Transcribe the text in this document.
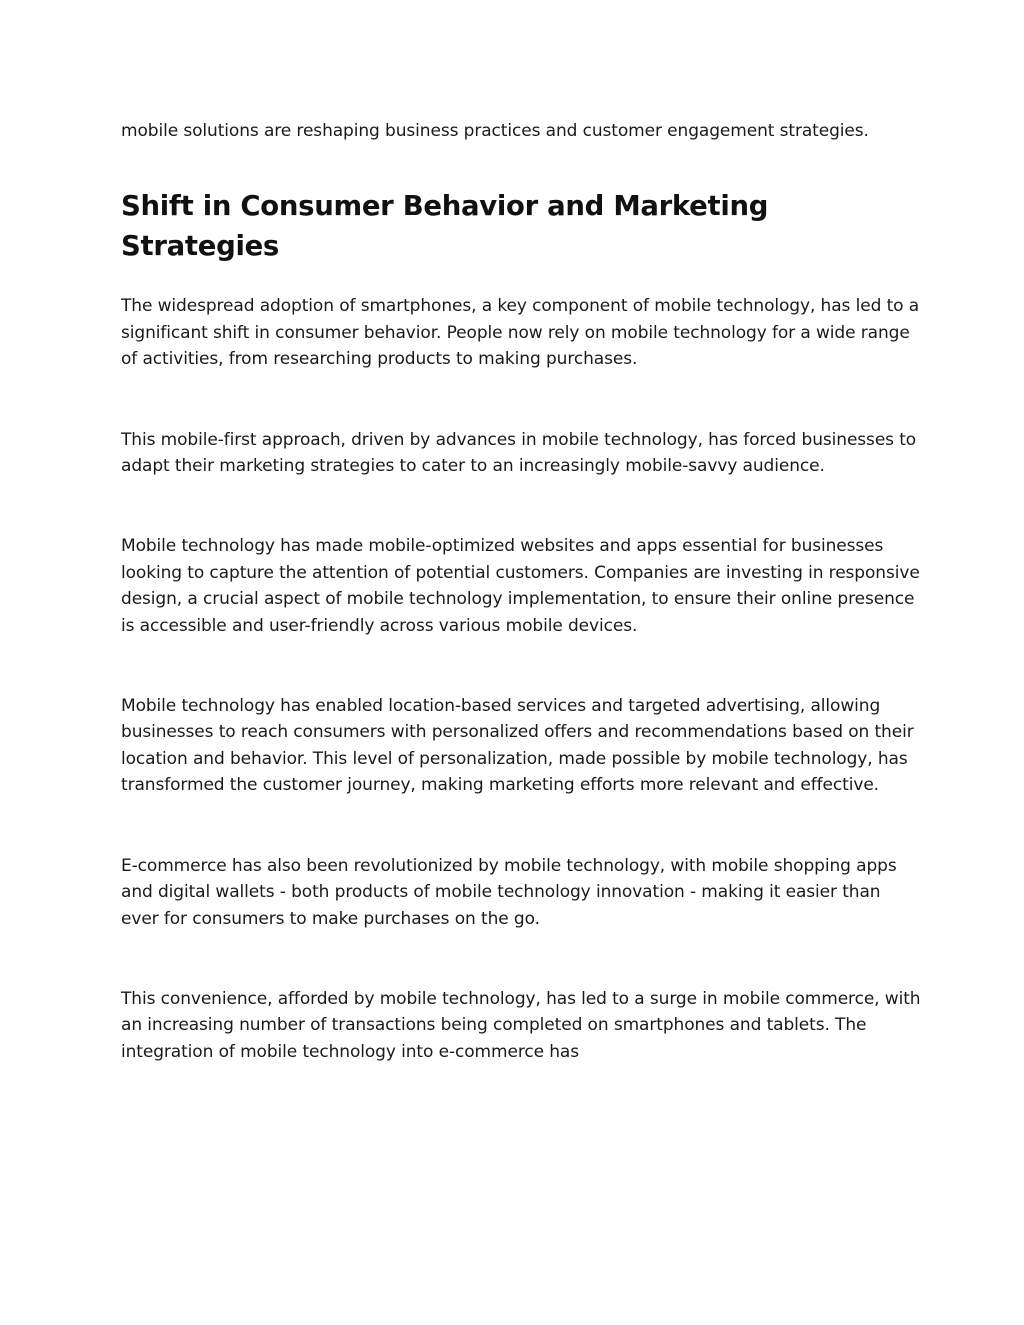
mobile solutions are reshaping business practices and customer engagement strategies.

Shift in Consumer Behavior and Marketing Strategies

The widespread adoption of smartphones, a key component of mobile technology, has led to a significant shift in consumer behavior. People now rely on mobile technology for a wide range of activities, from researching products to making purchases.

This mobile-first approach, driven by advances in mobile technology, has forced businesses to adapt their marketing strategies to cater to an increasingly mobile-savvy audience.

Mobile technology has made mobile-optimized websites and apps essential for businesses looking to capture the attention of potential customers. Companies are investing in responsive design, a crucial aspect of mobile technology implementation, to ensure their online presence is accessible and user-friendly across various mobile devices.

Mobile technology has enabled location-based services and targeted advertising, allowing businesses to reach consumers with personalized offers and recommendations based on their location and behavior. This level of personalization, made possible by mobile technology, has transformed the customer journey, making marketing efforts more relevant and effective.

E-commerce has also been revolutionized by mobile technology, with mobile shopping apps and digital wallets - both products of mobile technology innovation - making it easier than ever for consumers to make purchases on the go.

This convenience, afforded by mobile technology, has led to a surge in mobile commerce, with an increasing number of transactions being completed on smartphones and tablets. The integration of mobile technology into e-commerce has
